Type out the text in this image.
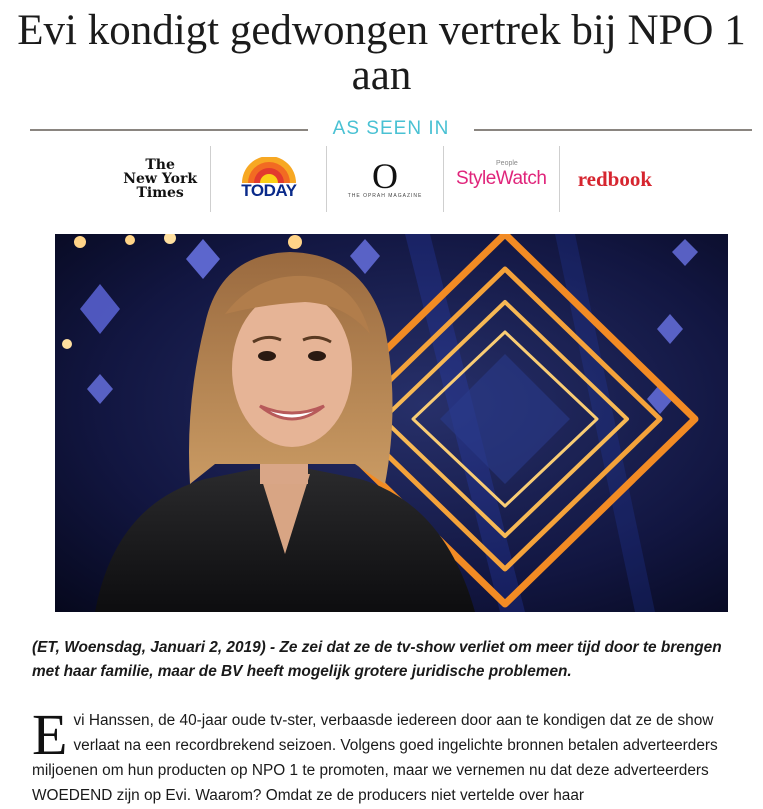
Evi kondigt gedwongen vertrek bij NPO 1 aan
AS SEEN IN
The
New York
Times	TODAY O
THE OPRAH MAGAZINE
People
StyleWatch redbook

(ET, Woensdag, Januari 2, 2019) - Ze zei dat ze de tv-show verliet om meer tijd door te brengen met haar familie, maar de BV heeft mogelijk grotere juridische problemen.

Evi Hanssen, de 40-jaar oude tv-ster, verbaasde iedereen door aan te kondigen dat ze de show verlaat na een recordbrekend seizoen. Volgens goed ingelichte bronnen betalen adverteerders miljoenen om hun producten op NPO 1 te promoten, maar we vernemen nu dat deze adverteerders WOEDEND zijn op Evi. Waarom? Omdat ze de producers niet vertelde over haar
